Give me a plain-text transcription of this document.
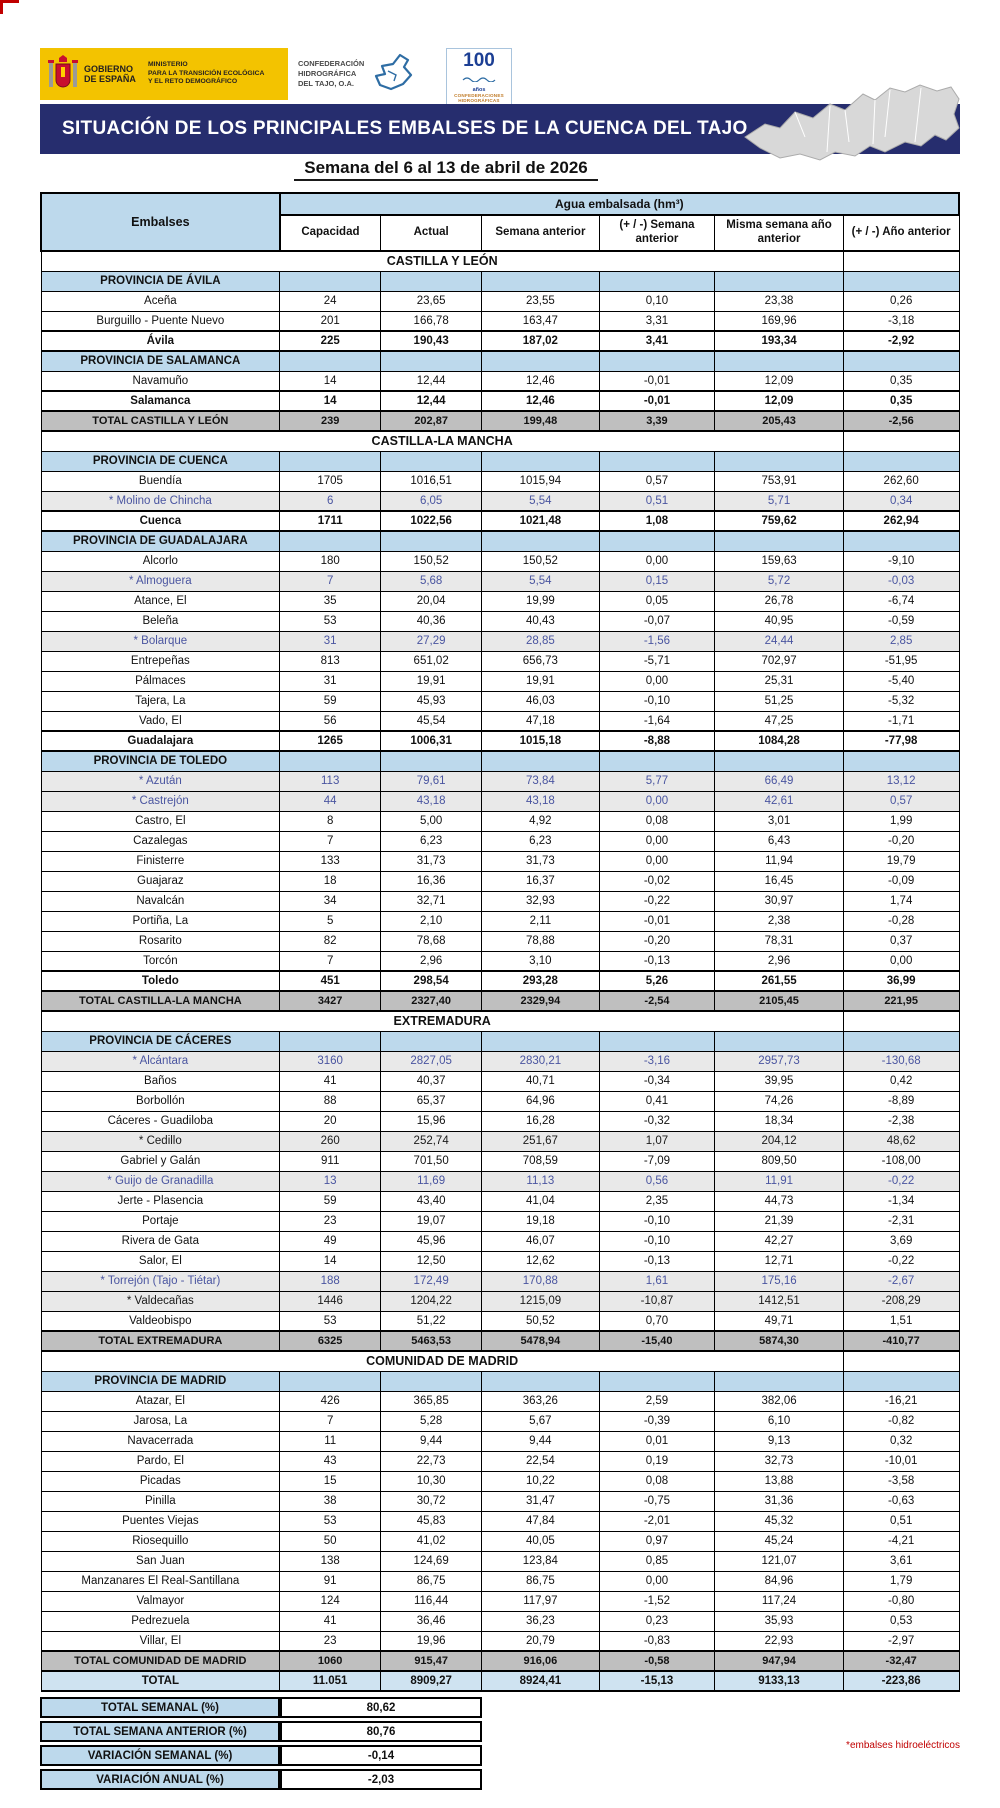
GOBIERNO
DE ESPAÑA
MINISTERIO
PARA LA TRANSICIÓN ECOLÓGICA
Y EL RETO DEMOGRÁFICO
CONFEDERACIÓN
HIDROGRÁFICA
DEL TAJO, O.A.
100
años
CONFEDERACIONES
HIDROGRÁFICAS
SITUACIÓN DE LOS PRINCIPALES EMBALSES DE LA CUENCA DEL TAJO
Semana del 6 al 13 de abril de 2026
Embalses	Agua embalsada (hm³)					
	Capacidad	Actual	Semana anterior	(+ / -) Semana anterior	Misma semana año anterior	(+ / -) Año anterior
CASTILLA Y LEÓN						
PROVINCIA DE ÁVILA						
Aceña	24	23,65	23,55	0,10	23,38	0,26
Burguillo - Puente Nuevo	201	166,78	163,47	3,31	169,96	-3,18
Ávila	225	190,43	187,02	3,41	193,34	-2,92
PROVINCIA DE SALAMANCA						
Navamuño	14	12,44	12,46	-0,01	12,09	0,35
Salamanca	14	12,44	12,46	-0,01	12,09	0,35
TOTAL CASTILLA Y LEÓN	239	202,87	199,48	3,39	205,43	-2,56
CASTILLA-LA MANCHA						
PROVINCIA DE CUENCA						
Buendía	1705	1016,51	1015,94	0,57	753,91	262,60
* Molino de Chincha	6	6,05	5,54	0,51	5,71	0,34
Cuenca	1711	1022,56	1021,48	1,08	759,62	262,94
PROVINCIA DE GUADALAJARA						
Alcorlo	180	150,52	150,52	0,00	159,63	-9,10
* Almoguera	7	5,68	5,54	0,15	5,72	-0,03
Atance, El	35	20,04	19,99	0,05	26,78	-6,74
Beleña	53	40,36	40,43	-0,07	40,95	-0,59
* Bolarque	31	27,29	28,85	-1,56	24,44	2,85
Entrepeñas	813	651,02	656,73	-5,71	702,97	-51,95
Pálmaces	31	19,91	19,91	0,00	25,31	-5,40
Tajera, La	59	45,93	46,03	-0,10	51,25	-5,32
Vado, El	56	45,54	47,18	-1,64	47,25	-1,71
Guadalajara	1265	1006,31	1015,18	-8,88	1084,28	-77,98
PROVINCIA DE TOLEDO						
* Azután	113	79,61	73,84	5,77	66,49	13,12
* Castrejón	44	43,18	43,18	0,00	42,61	0,57
Castro, El	8	5,00	4,92	0,08	3,01	1,99
Cazalegas	7	6,23	6,23	0,00	6,43	-0,20
Finisterre	133	31,73	31,73	0,00	11,94	19,79
Guajaraz	18	16,36	16,37	-0,02	16,45	-0,09
Navalcán	34	32,71	32,93	-0,22	30,97	1,74
Portiña, La	5	2,10	2,11	-0,01	2,38	-0,28
Rosarito	82	78,68	78,88	-0,20	78,31	0,37
Torcón	7	2,96	3,10	-0,13	2,96	0,00
Toledo	451	298,54	293,28	5,26	261,55	36,99
TOTAL CASTILLA-LA MANCHA	3427	2327,40	2329,94	-2,54	2105,45	221,95
EXTREMADURA						
PROVINCIA DE CÁCERES						
* Alcántara	3160	2827,05	2830,21	-3,16	2957,73	-130,68
Baños	41	40,37	40,71	-0,34	39,95	0,42
Borbollón	88	65,37	64,96	0,41	74,26	-8,89
Cáceres - Guadiloba	20	15,96	16,28	-0,32	18,34	-2,38
* Cedillo	260	252,74	251,67	1,07	204,12	48,62
Gabriel y Galán	911	701,50	708,59	-7,09	809,50	-108,00
* Guijo de Granadilla	13	11,69	11,13	0,56	11,91	-0,22
Jerte - Plasencia	59	43,40	41,04	2,35	44,73	-1,34
Portaje	23	19,07	19,18	-0,10	21,39	-2,31
Rivera de Gata	49	45,96	46,07	-0,10	42,27	3,69
Salor, El	14	12,50	12,62	-0,13	12,71	-0,22
* Torrejón (Tajo - Tiétar)	188	172,49	170,88	1,61	175,16	-2,67
* Valdecañas	1446	1204,22	1215,09	-10,87	1412,51	-208,29
Valdeobispo	53	51,22	50,52	0,70	49,71	1,51
TOTAL EXTREMADURA	6325	5463,53	5478,94	-15,40	5874,30	-410,77
COMUNIDAD DE MADRID						
PROVINCIA DE MADRID						
Atazar, El	426	365,85	363,26	2,59	382,06	-16,21
Jarosa, La	7	5,28	5,67	-0,39	6,10	-0,82
Navacerrada	11	9,44	9,44	0,01	9,13	0,32
Pardo, El	43	22,73	22,54	0,19	32,73	-10,01
Picadas	15	10,30	10,22	0,08	13,88	-3,58
Pinilla	38	30,72	31,47	-0,75	31,36	-0,63
Puentes Viejas	53	45,83	47,84	-2,01	45,32	0,51
Riosequillo	50	41,02	40,05	0,97	45,24	-4,21
San Juan	138	124,69	123,84	0,85	121,07	3,61
Manzanares El Real-Santillana	91	86,75	86,75	0,00	84,96	1,79
Valmayor	124	116,44	117,97	-1,52	117,24	-0,80
Pedrezuela	41	36,46	36,23	0,23	35,93	0,53
Villar, El	23	19,96	20,79	-0,83	22,93	-2,97
TOTAL COMUNIDAD DE MADRID	1060	915,47	916,06	-0,58	947,94	-32,47
TOTAL	11.051	8909,27	8924,41	-15,13	9133,13	-223,86
TOTAL SEMANAL (%)	80,62
TOTAL SEMANA ANTERIOR (%)	80,76
VARIACIÓN SEMANAL (%)	-0,14
VARIACIÓN ANUAL (%)	-2,03
*embalses hidroeléctricos
